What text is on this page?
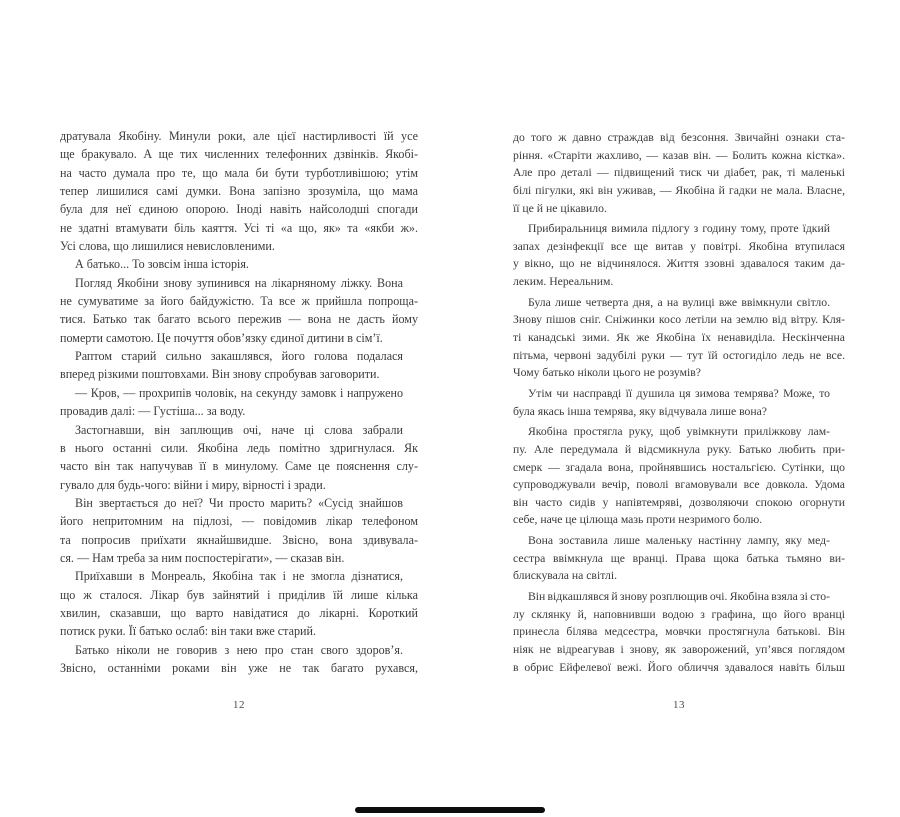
дратувала Якобіну. Минули роки, але цієї настирливості їй усе
ще бракувало. А ще тих численних телефонних дзвінків. Якобі-
на часто думала про те, що мала би бути турботливішою; утім
тепер лишилися самі думки. Вона запізно зрозуміла, що мама
була для неї єдиною опорою. Іноді навіть найсолодші спогади
не здатні втамувати біль каяття. Усі ті «а що, як» та «якби ж».
Усі слова, що лишилися невисловленими.
А батько... То зовсім інша історія.
Погляд Якобіни знову зупинився на лікарняному ліжку. Вона
не сумуватиме за його байдужістю. Та все ж прийшла попроща-
тися. Батько так багато всього пережив — вона не дасть йому
померти самотою. Це почуття обов’язку єдиної дитини в сім’ї.
Раптом старий сильно закашлявся, його голова подалася
вперед різкими поштовхами. Він знову спробував заговорити.
— Кров, — прохрипів чоловік, на секунду замовк і напружено
провадив далі: — Густіша... за воду.
Застогнавши, він заплющив очі, наче ці слова забрали
в нього останні сили. Якобіна ледь помітно здригнулася. Як
часто він так напучував її в минулому. Саме це пояснення слу-
гувало для будь-чого: війни і миру, вірності і зради.
Він звертається до неї? Чи просто марить? «Сусід знайшов
його непритомним на підлозі, — повідомив лікар телефоном
та попросив приїхати якнайшвидше. Звісно, вона здивувала-
ся. — Нам треба за ним поспостерігати», — сказав він.
Приїхавши в Монреаль, Якобіна так і не змогла дізнатися,
що ж сталося. Лікар був зайнятий і приділив їй лише кілька
хвилин, сказавши, що варто навідатися до лікарні. Короткий
потиск руки. Її батько ослаб: він таки вже старий.
Батько ніколи не говорив з нею про стан свого здоров’я.
Звісно, останніми роками він уже не так багато рухався,
12
до того ж давно страждав від безсоння. Звичайні ознаки ста-
ріння. «Старіти жахливо, — казав він. — Болить кожна кістка».
Але про деталі — підвищений тиск чи діабет, рак, ті маленькі
білі пігулки, які він уживав, — Якобіна й гадки не мала. Власне,
її це й не цікавило.
Прибиральниця вимила підлогу з годину тому, проте їдкий
запах дезінфекції все ще витав у повітрі. Якобіна втупилася
у вікно, що не відчинялося. Життя ззовні здавалося таким да-
леким. Нереальним.
Була лише четверта дня, а на вулиці вже ввімкнули світло.
Знову пішов сніг. Сніжинки косо летіли на землю від вітру. Кля-
ті канадські зими. Як же Якобіна їх ненавиділа. Нескінченна
пітьма, червоні задубілі руки — тут їй остогиділо ледь не все.
Чому батько ніколи цього не розумів?
Утім чи насправді її душила ця зимова темрява? Може, то
була якась інша темрява, яку відчувала лише вона?
Якобіна простягла руку, щоб увімкнути приліжкову лам-
пу. Але передумала й відсмикнула руку. Батько любить при-
смерк — згадала вона, пройнявшись ностальгією. Сутінки, що
супроводжували вечір, поволі вгамовували все довкола. Удома
він часто сидів у напівтемряві, дозволяючи спокою огорнути
себе, наче це цілюща мазь проти незримого болю.
Вона зоставила лише маленьку настінну лампу, яку мед-
сестра ввімкнула ще вранці. Права щока батька тьмяно ви-
блискувала на світлі.
Він відкашлявся й знову розплющив очі. Якобіна взяла зі сто-
лу склянку й, наповнивши водою з графина, що його вранці
принесла білява медсестра, мовчки простягнула батькові. Він
ніяк не відреагував і знову, як заворожений, уп’явся поглядом
в обрис Ейфелевої вежі. Його обличчя здавалося навіть більш
13
